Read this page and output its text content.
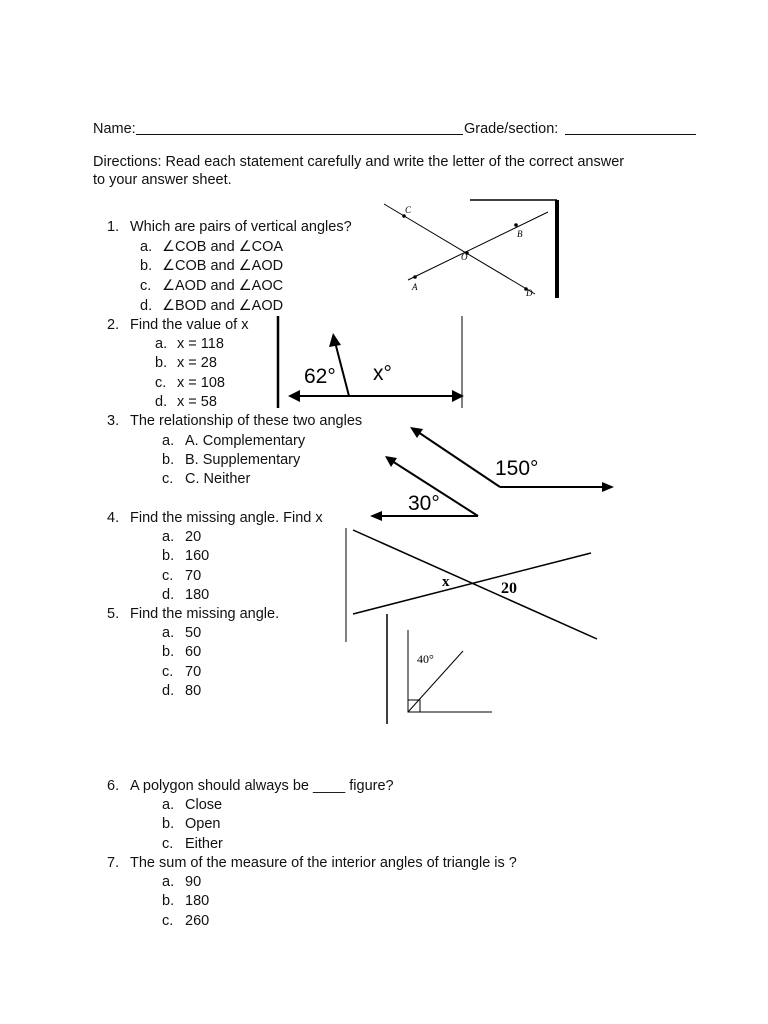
Name:	Grade/section:
Directions: Read each statement carefully and write the letter of the correct answer
to your answer sheet.
1. Which are pairs of vertical angles?
a. ∠COB and ∠COA
b. ∠COB and ∠AOD
c. ∠AOD and ∠AOC
d. ∠BOD and ∠AOD
C
B
O
A
D
2. Find the value of x
a. x = 118
b. x = 28
c. x = 108
d. x = 58
62° x°
3. The relationship of these two angles
a. A. Complementary
b. B. Supplementary
c. C. Neither	150°
30°
4. Find the missing angle. Find x
a. 20
b. 160
c. 70
d. 180
x	20
5. Find the missing angle.
a. 50
b. 60
c. 70
d. 80
40°
6. A polygon should always be ____ figure?
a. Close
b. Open
c. Either
7. The sum of the measure of the interior angles of triangle is ?
a. 90
b. 180
c. 260
